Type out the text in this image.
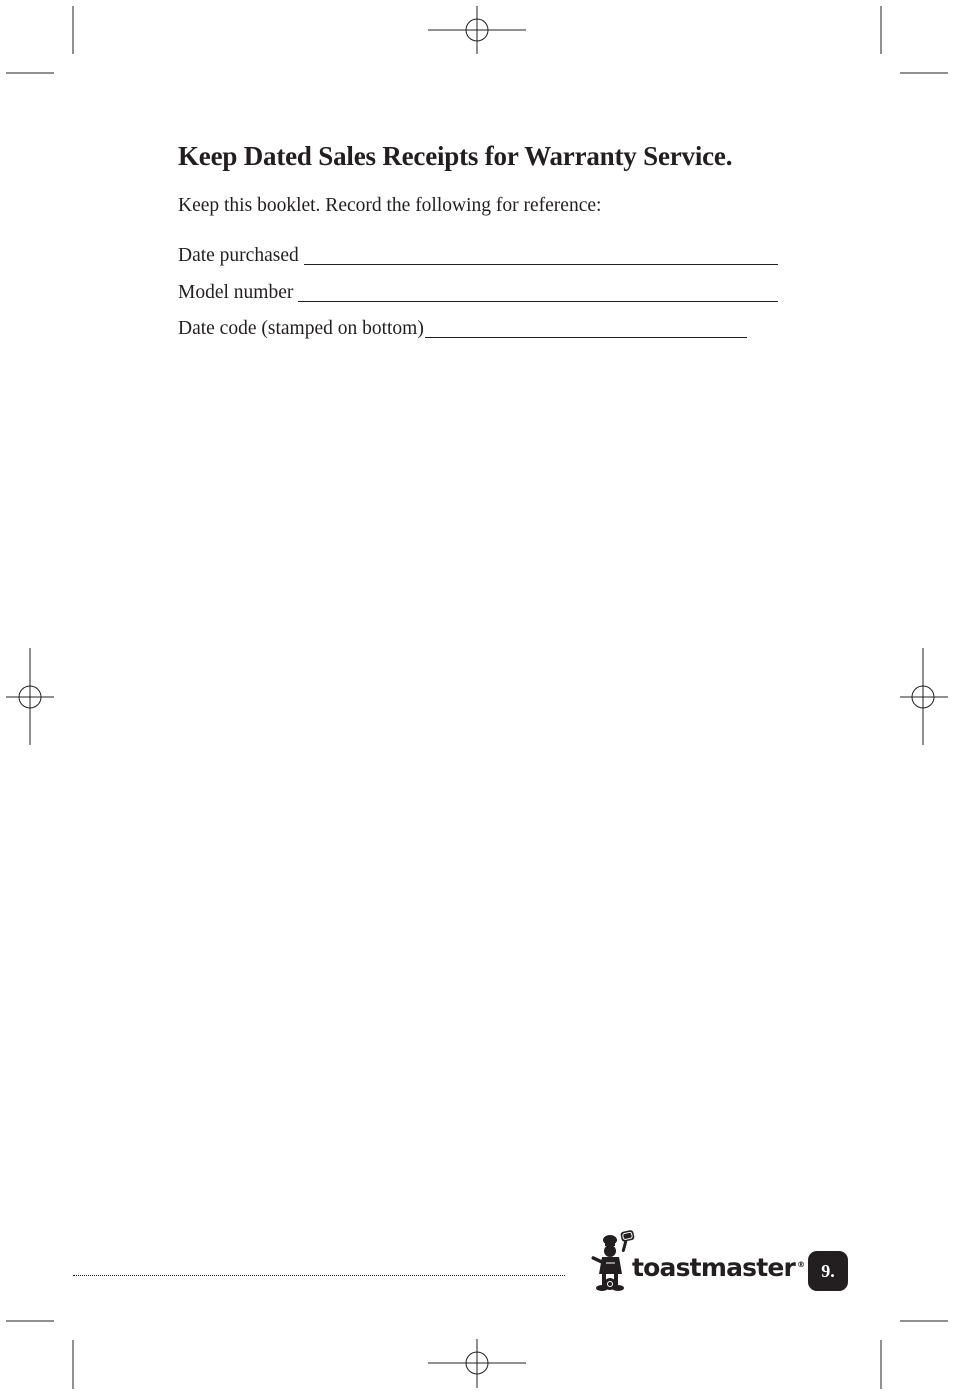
Keep Dated Sales Receipts for Warranty Service.

Keep this booklet. Record the following for reference:

Date purchased
Model number
Date code (stamped on bottom)
toastmaster ® 9.
